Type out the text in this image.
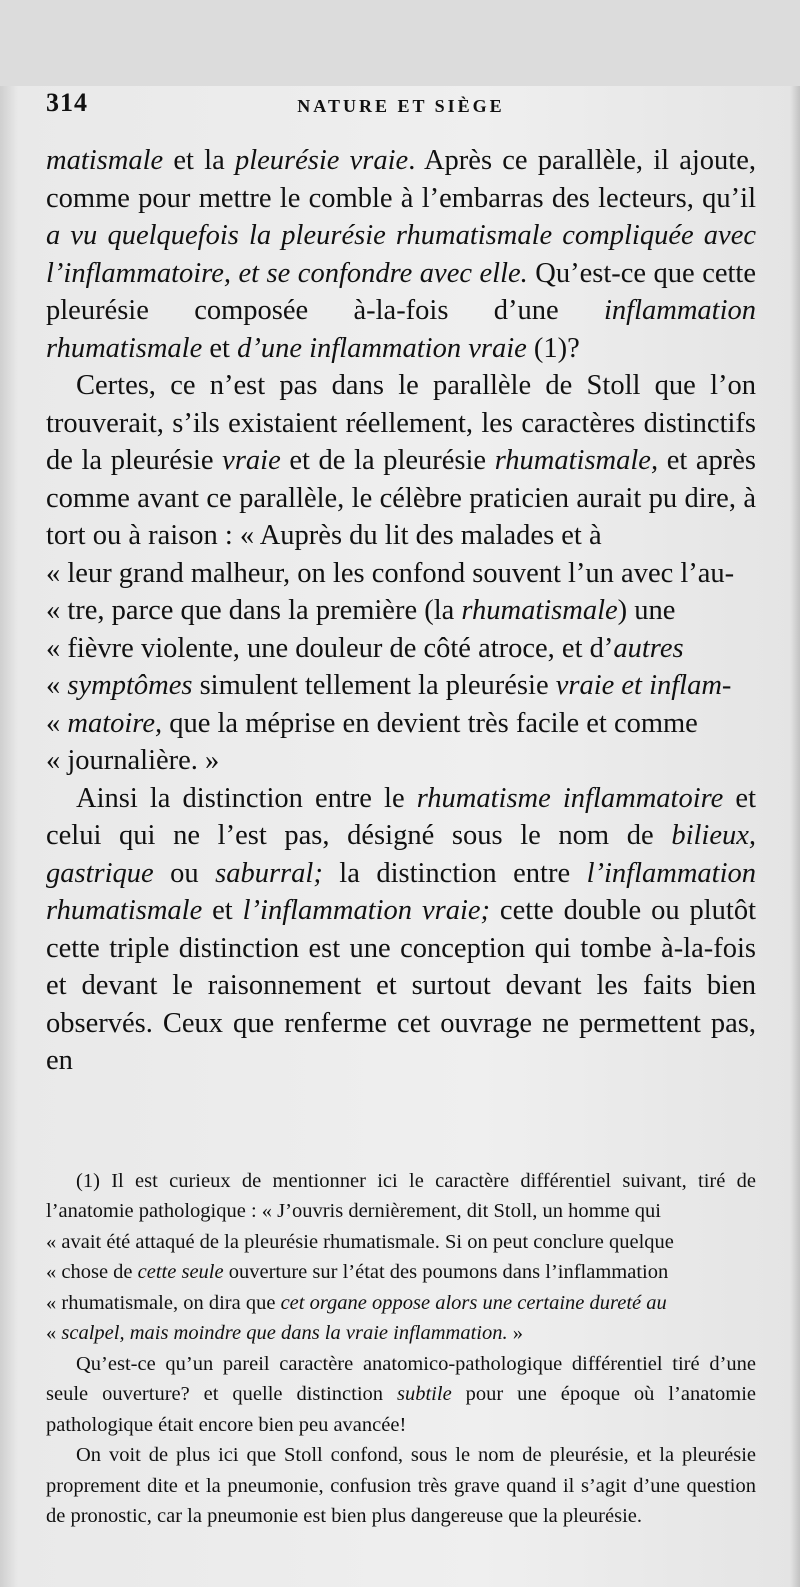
314	NATURE ET SIÈGE

matismale et la pleurésie vraie. Après ce parallèle, il ajoute, comme pour mettre le comble à l’embarras des lecteurs, qu’il a vu quelquefois la pleurésie rhumatismale compliquée avec l’inflammatoire, et se confondre avec elle. Qu’est-ce que cette pleurésie composée à-la-fois d’une inflammation rhumatismale et d’une inflammation vraie (1)?

Certes, ce n’est pas dans le parallèle de Stoll que l’on trouverait, s’ils existaient réellement, les caractères distinctifs de la pleurésie vraie et de la pleurésie rhumatismale, et après comme avant ce parallèle, le célèbre praticien aurait pu dire, à tort ou à raison : « Auprès du lit des malades et à
« leur grand malheur, on les confond souvent l’un avec l’au-
« tre, parce que dans la première (la rhumatismale) une
« fièvre violente, une douleur de côté atroce, et d’autres
« symptômes simulent tellement la pleurésie vraie et inflam-
« matoire, que la méprise en devient très facile et comme
« journalière. »

Ainsi la distinction entre le rhumatisme inflammatoire et celui qui ne l’est pas, désigné sous le nom de bilieux, gastrique ou saburral; la distinction entre l’inflammation rhumatismale et l’inflammation vraie; cette double ou plutôt cette triple distinction est une conception qui tombe à-la-fois et devant le raisonnement et surtout devant les faits bien observés. Ceux que renferme cet ouvrage ne permettent pas, en

(1) Il est curieux de mentionner ici le caractère différentiel suivant, tiré de l’anatomie pathologique : « J’ouvris dernièrement, dit Stoll, un homme qui
« avait été attaqué de la pleurésie rhumatismale. Si on peut conclure quelque
« chose de cette seule ouverture sur l’état des poumons dans l’inflammation
« rhumatismale, on dira que cet organe oppose alors une certaine dureté au
« scalpel, mais moindre que dans la vraie inflammation. »

Qu’est-ce qu’un pareil caractère anatomico-pathologique différentiel tiré d’une seule ouverture? et quelle distinction subtile pour une époque où l’anatomie pathologique était encore bien peu avancée!

On voit de plus ici que Stoll confond, sous le nom de pleurésie, et la pleurésie proprement dite et la pneumonie, confusion très grave quand il s’agit d’une question de pronostic, car la pneumonie est bien plus dangereuse que la pleurésie.
